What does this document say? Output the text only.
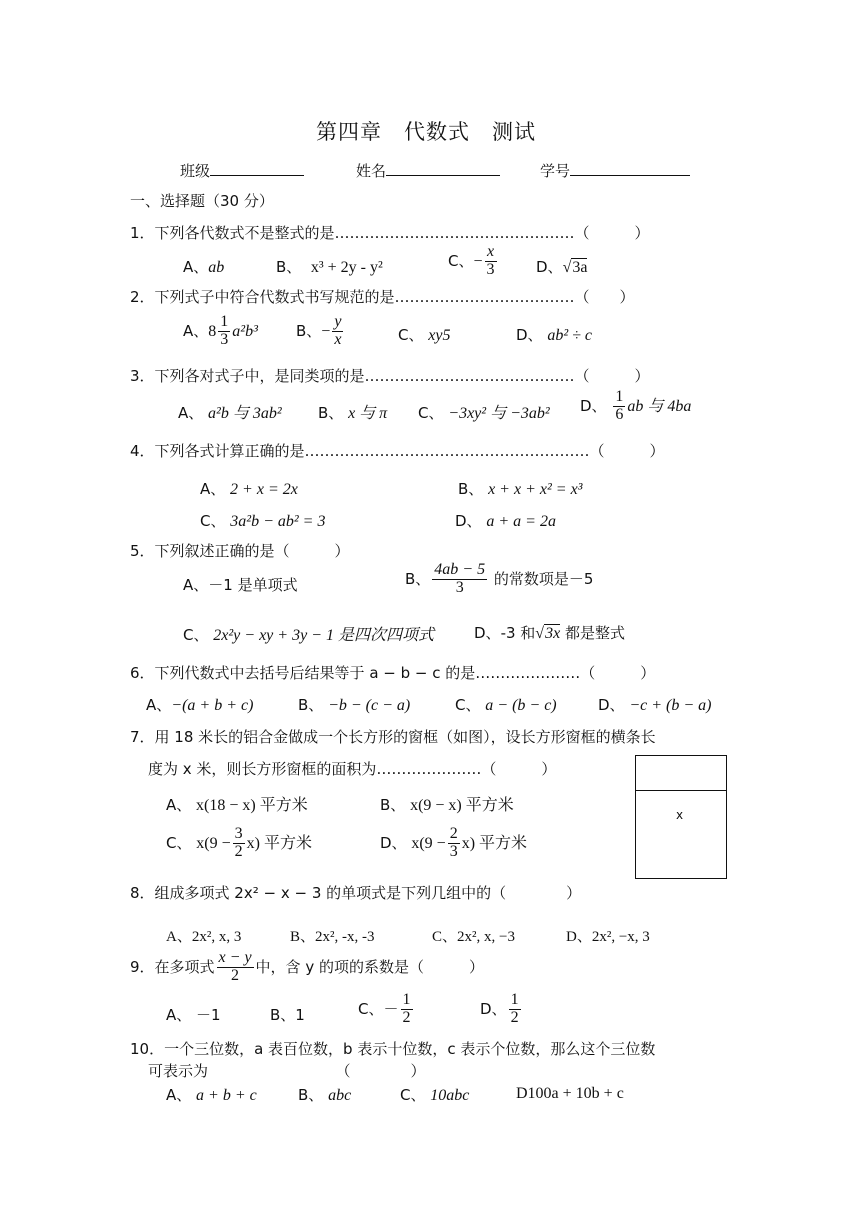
第四章　代数式　测试
班级	姓名	学号
一、选择题（30 分）
1．下列各代数式不是整式的是…………………………………………（　　　）
A、ab	B、 x³ + 2y - y²	C、− $\frac{x}{3}$	D、√3a
2．下列式子中符合代数式书写规范的是………………………………（　　）
A、$8 \frac{1}{3} a^2b^3$	B、− $\frac{y}{x}$	C、 xy5	D、 ab² ÷ c
3．下列各对式子中，是同类项的是……………………………………（　　　）
A、 a²b 与 3ab² B、 x 与 π C、 −3xy² 与 −3ab² D、 $\frac{1}{6}$ ab 与 4ba
4．下列各式计算正确的是…………………………………………………（　　　）
A、 2 + x = 2x	B、 x + x + x² = x³
C、 3a²b − ab² = 3	D、 a + a = 2a
5．下列叙述正确的是（　　　）
A、－1 是单项式	B、 $\frac{4ab - 5}{3}$ 的常数项是－5
C、 2x²y − xy + 3y − 1 是四次四项式	D、-3 和√3x 都是整式
6．下列代数式中去括号后结果等于 a − b − c 的是…………………（　　　）
A、−(a + b + c)	B、 −b − (c − a)	C、 a − (b − c)	D、 −c + (b − a)
7．用 18 米长的铝合金做成一个长方形的窗框（如图），设长方形窗框的横条长
度为 x 米，则长方形窗框的面积为…………………（　　　）
A、 x(18 − x) 平方米	B、 x(9 − x) 平方米
C、 $x(9 - \frac{3}{2} x)$ 平方米	D、 $x(9 - \frac{2}{3} x)$ 平方米
x
8．组成多项式 2x² − x − 3 的单项式是下列几组中的（　　　　）
A、2x², x, 3	B、2x², -x, -3	C、2x², x, −3	D、2x², −x, 3
9．在多项式 $\frac{x - y}{2}$ 中，含 y 的项的系数是（　　　）
A、 －1	B、1	C、－ $\frac{1}{2}$	D、 $\frac{1}{2}$
10．一个三位数，a 表百位数，b 表示十位数，c 表示个位数，那么这个三位数
可表示为　　　　　　　　　（　　　　）
A、 a + b + c	B、 abc	C、 10abc	D100a + 10b + c
